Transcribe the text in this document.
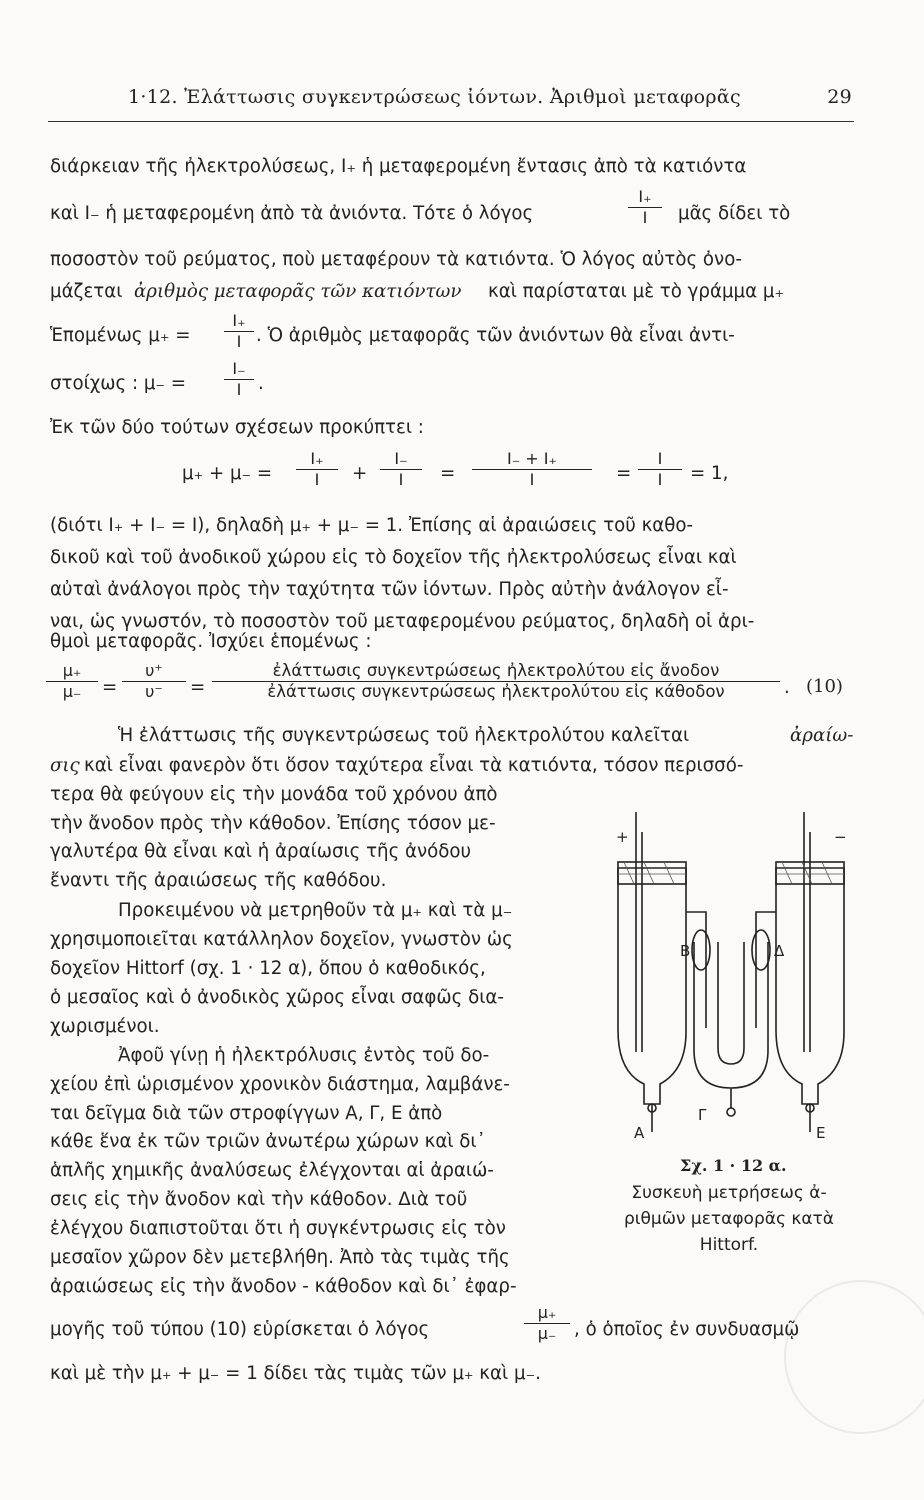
1·12. Ἐλάττωσις συγκεντρώσεως ἰόντων. Ἀριθμοὶ μεταφορᾶς	29
διάρκειαν τῆς ἠλεκτρολύσεως, I₊ ἡ μεταφερομένη ἔντασις ἀπὸ τὰ κατιόντα
καὶ I₋ ἡ μεταφερομένη ἀπὸ τὰ ἀνιόντα. Τότε ὁ λόγος
I₊
I	μᾶς δίδει τὸ
ποσοστὸν τοῦ ρεύματος, ποὺ μεταφέρουν τὰ κατιόντα. Ὁ λόγος αὐτὸς ὀνο-
μάζεται ἀριθμὸς μεταφορᾶς τῶν κατιόντων καὶ παρίσταται μὲ τὸ γράμμα μ₊
Ἑπομένως μ₊ =
I₊
I . Ὁ ἀριθμὸς μεταφορᾶς τῶν ἀνιόντων θὰ εἶναι ἀντι-
στοίχως : μ₋ =
I₋
I .
Ἐκ τῶν δύο τούτων σχέσεων προκύπτει :
μ₊ + μ₋ =
I₊
I	+
I₋
I	=
I₋ + I₊
I	=
I
I	= 1,
(διότι I₊ + I₋ = I), δηλαδὴ μ₊ + μ₋ = 1. Ἐπίσης αἱ ἀραιώσεις τοῦ καθο-
δικοῦ καὶ τοῦ ἀνοδικοῦ χώρου εἰς τὸ δοχεῖον τῆς ἠλεκτρολύσεως εἶναι καὶ
αὐταὶ ἀνάλογοι πρὸς τὴν ταχύτητα τῶν ἰόντων. Πρὸς αὐτὴν ἀνάλογον εἶ-
ναι, ὡς γνωστόν, τὸ ποσοστὸν τοῦ μεταφερομένου ρεύματος, δηλαδὴ οἱ ἀρι-
θμοὶ μεταφορᾶς. Ἰσχύει ἑπομένως :
μ₊
μ₋	=
υ⁺
υ⁻	=
ἐλάττωσις συγκεντρώσεως ἠλεκτρολύτου εἰς ἄνοδον
ἐλάττωσις συγκεντρώσεως ἠλεκτρολύτου εἰς κάθοδον	. (10)
Ἡ ἐλάττωσις τῆς συγκεντρώσεως τοῦ ἠλεκτρολύτου καλεῖται	ἀραίω-
σις καὶ εἶναι φανερὸν ὅτι ὅσον ταχύτερα εἶναι τὰ κατιόντα, τόσον περισσό-
τερα θὰ φεύγουν εἰς τὴν μονάδα τοῦ χρόνου ἀπὸ
τὴν ἄνοδον πρὸς τὴν κάθοδον. Ἐπίσης τόσον με-
γαλυτέρα θὰ εἶναι καὶ ἡ ἀραίωσις τῆς ἀνόδου
ἔναντι τῆς ἀραιώσεως τῆς καθόδου.
Προκειμένου νὰ μετρηθοῦν τὰ μ₊ καὶ τὰ μ₋
χρησιμοποιεῖται κατάλληλον δοχεῖον, γνωστὸν ὡς
δοχεῖον Hittorf (σχ. 1 · 12 α), ὅπου ὁ καθοδικός,
ὁ μεσαῖος καὶ ὁ ἀνοδικὸς χῶρος εἶναι σαφῶς δια-
χωρισμένοι.
Ἀφοῦ γίνῃ ἡ ἠλεκτρόλυσις ἐντὸς τοῦ δο-
χείου ἐπὶ ὡρισμένον χρονικὸν διάστημα, λαμβάνε-
ται δεῖγμα διὰ τῶν στροφίγγων Α, Γ, Ε ἀπὸ
κάθε ἕνα ἐκ τῶν τριῶν ἀνωτέρω χώρων καὶ δι᾽
ἁπλῆς χημικῆς ἀναλύσεως ἐλέγχονται αἱ ἀραιώ-
σεις εἰς τὴν ἄνοδον καὶ τὴν κάθοδον. Διὰ τοῦ
ἐλέγχου διαπιστοῦται ὅτι ἡ συγκέντρωσις εἰς τὸν
μεσαῖον χῶρον δὲν μετεβλήθη. Ἀπὸ τὰς τιμὰς τῆς
ἀραιώσεως εἰς τὴν ἄνοδον - κάθοδον καὶ δι᾽ ἐφαρ-
μογῆς τοῦ τύπου (10) εὑρίσκεται ὁ λόγος
μ₊
μ₋ , ὁ ὁποῖος ἐν συνδυασμῷ
καὶ μὲ τὴν μ₊ + μ₋ = 1 δίδει τὰς τιμὰς τῶν μ₊ καὶ μ₋.
+	−
Β	Δ
Α
Γ
Ε
Σχ. 1 · 12 α.
Συσκευὴ μετρήσεως ἀ-
ριθμῶν μεταφορᾶς κατὰ
Hittorf.
